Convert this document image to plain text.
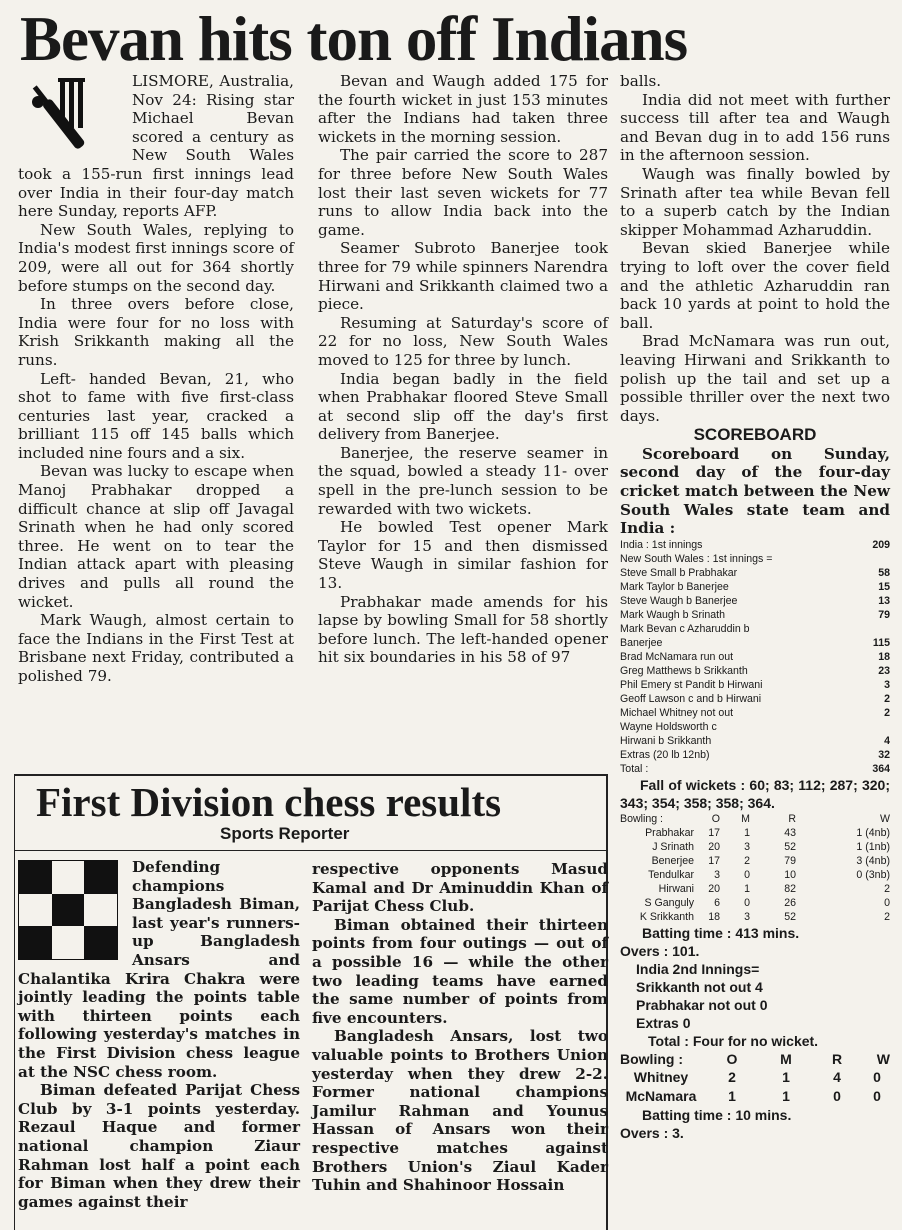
Bevan hits ton off Indians

LISMORE, Australia, Nov 24: Rising star Michael Bevan scored a century as New South Wales took a 155-run first innings lead over India in their four-day match here Sunday, reports AFP.

New South Wales, replying to India's modest first innings score of 209, were all out for 364 shortly before stumps on the second day.

In three overs before close, India were four for no loss with Krish Srikkanth making all the runs.

Left- handed Bevan, 21, who shot to fame with five first-class centuries last year, cracked a brilliant 115 off 145 balls which included nine fours and a six.

Bevan was lucky to escape when Manoj Prabhakar dropped a difficult chance at slip off Javagal Srinath when he had only scored three. He went on to tear the Indian attack apart with pleasing drives and pulls all round the wicket.

Mark Waugh, almost certain to face the Indians in the First Test at Brisbane next Friday, contributed a polished 79.

Bevan and Waugh added 175 for the fourth wicket in just 153 minutes after the Indians had taken three wickets in the morning session.

The pair carried the score to 287 for three before New South Wales lost their last seven wickets for 77 runs to allow India back into the game.

Seamer Subroto Banerjee took three for 79 while spinners Narendra Hirwani and Srikkanth claimed two a piece.

Resuming at Saturday's score of 22 for no loss, New South Wales moved to 125 for three by lunch.

India began badly in the field when Prabhakar floored Steve Small at second slip off the day's first delivery from Banerjee.

Banerjee, the reserve seamer in the squad, bowled a steady 11- over spell in the pre-lunch session to be rewarded with two wickets.

He bowled Test opener Mark Taylor for 15 and then dismissed Steve Waugh in similar fashion for 13.

Prabhakar made amends for his lapse by bowling Small for 58 shortly before lunch. The left-handed opener hit six boundaries in his 58 of 97

balls.

India did not meet with further success till after tea and Waugh and Bevan dug in to add 156 runs in the afternoon session.

Waugh was finally bowled by Srinath after tea while Bevan fell to a superb catch by the Indian skipper Mohammad Azharuddin.

Bevan skied Banerjee while trying to loft over the cover field and the athletic Azharuddin ran back 10 yards at point to hold the ball.

Brad McNamara was run out, leaving Hirwani and Srikkanth to polish up the tail and set up a possible thriller over the next two days.

SCOREBOARD

Scoreboard on Sunday, second day of the four-day cricket match between the New South Wales state team and India :

India : 1st innings	209
New South Wales : 1st innings =
Steve Small b Prabhakar	58
Mark Taylor b Banerjee	15
Steve Waugh b Banerjee	13
Mark Waugh b Srinath	79
Mark Bevan c Azharuddin b
Banerjee	115
Brad McNamara run out	18
Greg Matthews b Srikkanth	23
Phil Emery st Pandit b Hirwani	3
Geoff Lawson c and b Hirwani	2
Michael Whitney not out	2
Wayne Holdsworth c
Hirwani b Srikkanth	4
Extras (20 lb 12nb)	32
Total :	364

Fall of wickets : 60; 83; 112; 287; 320; 343; 354; 358; 358; 364.

Bowling :	O	M	R	W
Prabhakar	17	1	43	1 (4nb)
J Srinath	20	3	52	1 (1nb)
Benerjee	17	2	79	3 (4nb)
Tendulkar	3	0	10	0 (3nb)
Hirwani	20	1	82	2
S Ganguly	6	0	26	0
K Srikkanth	18	3	52	2

Batting time : 413 mins.

Overs : 101.

India 2nd Innings=
Srikkanth not out 4
Prabhakar not out 0
Extras 0
Total : Four for no wicket.
Bowling :	O	M	R	W
Whitney	2	1	4	0
McNamara	1	1	0	0

Batting time : 10 mins.

Overs : 3.

First Division chess results
Sports Reporter

Defending champions Bangladesh Biman, last year's runners-up Bangladesh Ansars and Chalantika Krira Chakra were jointly leading the points table with thirteen points each following yesterday's matches in the First Division chess league at the NSC chess room.

Biman defeated Parijat Chess Club by 3-1 points yesterday. Rezaul Haque and former national champion Ziaur Rahman lost half a point each for Biman when they drew their games against their

respective opponents Masud Kamal and Dr Aminuddin Khan of Parijat Chess Club.

Biman obtained their thirteen points from four outings — out of a possible 16 — while the other two leading teams have earned the same number of points from five encounters.

Bangladesh Ansars, lost two valuable points to Brothers Union yesterday when they drew 2-2. Former national champions Jamilur Rahman and Younus Hassan of Ansars won their respective matches against Brothers Union's Ziaul Kader Tuhin and Shahinoor Hossain
